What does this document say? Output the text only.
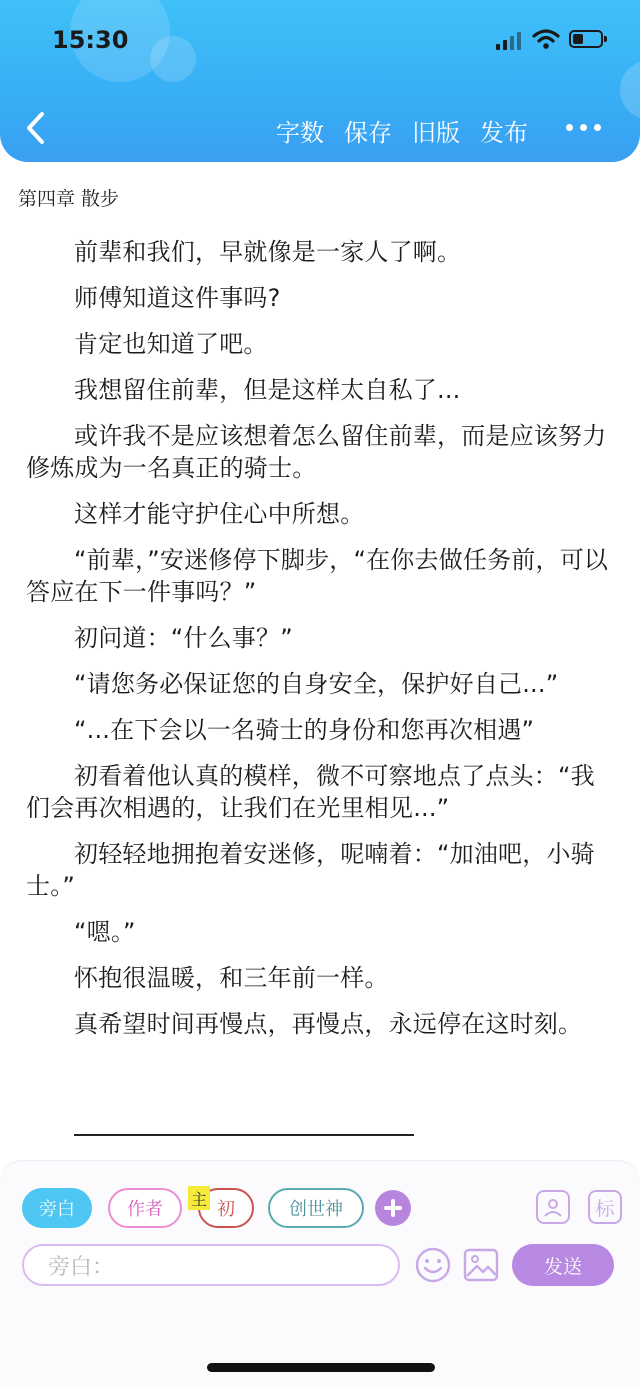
15:30
字数 保存 旧版 发布
第四章 散步

前辈和我们，早就像是一家人了啊。

师傅知道这件事吗?

肯定也知道了吧。

我想留住前辈，但是这样太自私了...

或许我不是应该想着怎么留住前辈，而是应该努力修炼成为一名真正的骑士。

这样才能守护住心中所想。

“前辈，”安迷修停下脚步，“在你去做任务前，可以答应在下一件事吗？”

初问道：“什么事？”

“请您务必保证您的自身安全，保护好自己...”

“...在下会以一名骑士的身份和您再次相遇”

初看着他认真的模样，微不可察地点了点头：“我们会再次相遇的，让我们在光里相见...”

初轻轻地拥抱着安迷修，呢喃着：“加油吧，小骑士。”

“嗯。”

怀抱很温暖，和三年前一样。

真希望时间再慢点，再慢点，永远停在这时刻。

旁白	作者	初
主	创世神	标
旁白：	发送
